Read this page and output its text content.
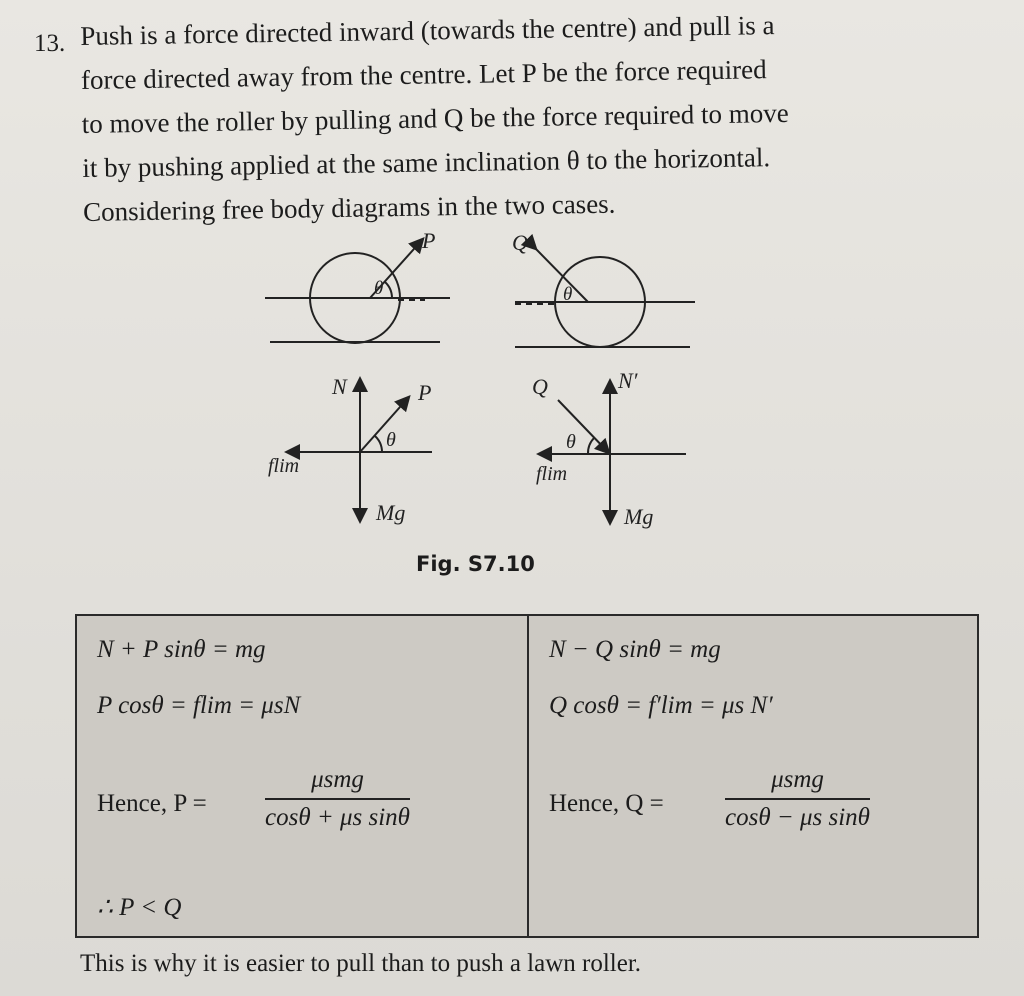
13. Push is a force directed inward (towards the centre) and pull is a
force directed away from the centre. Let P be the force required
to move the roller by pulling and Q be the force required to move
it by pushing applied at the same inclination θ to the horizontal.
Considering free body diagrams in the two cases.
P
θ
Q
θ
N	P
θ
flim
Mg
Q	N′
θ
flim
Mg
Fig. S7.10
N + P sinθ = mg
P cosθ = flim = μsN
Hence, P =
μsmg
cosθ + μs sinθ
∴ P < Q
N − Q sinθ = mg
Q cosθ = f′lim = μs N′
Hence, Q =
μsmg
cosθ − μs sinθ
This is why it is easier to pull than to push a lawn roller.
